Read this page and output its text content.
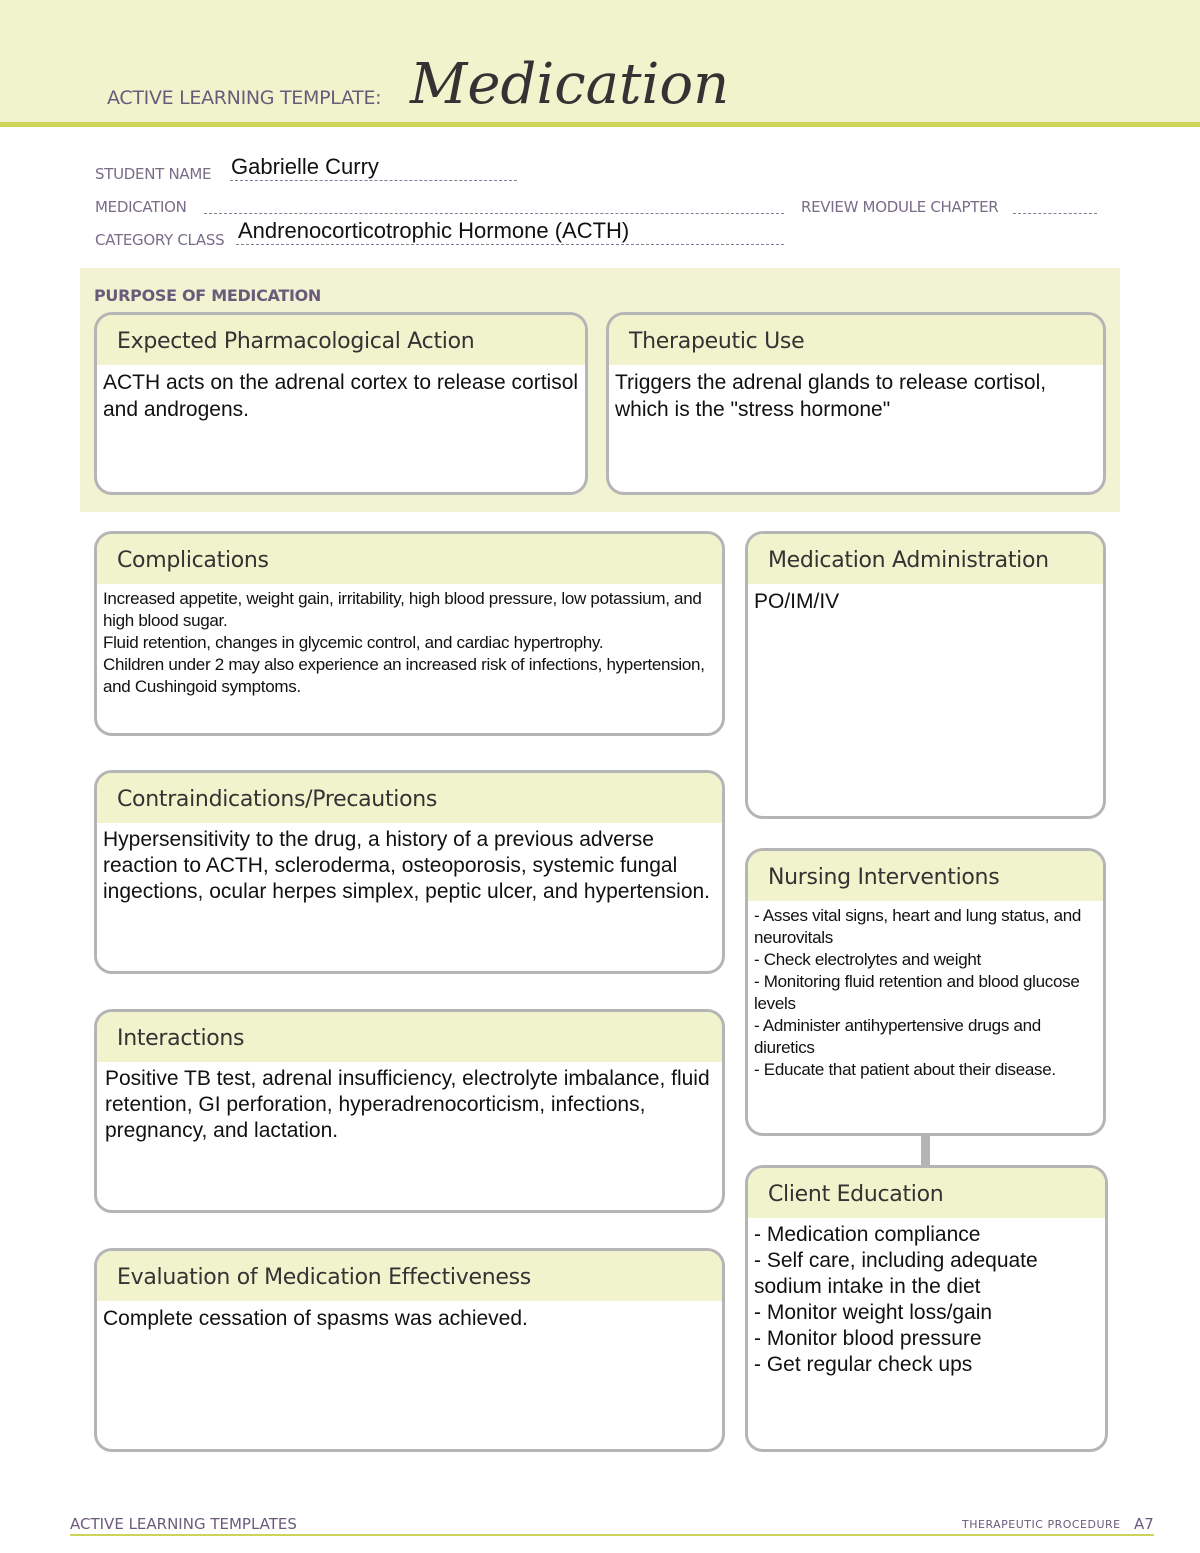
ACTIVE LEARNING TEMPLATE: Medication
STUDENT NAME Gabrielle Curry
MEDICATION	REVIEW MODULE CHAPTER
CATEGORY CLASS Andrenocorticotrophic Hormone (ACTH)
PURPOSE OF MEDICATION
Expected Pharmacological Action
ACTH acts on the adrenal cortex to release cortisol and androgens.
Therapeutic Use
Triggers the adrenal glands to release cortisol, which is the "stress hormone"
Complications
Increased appetite, weight gain, irritability, high blood pressure, low potassium, and high blood sugar.
Fluid retention, changes in glycemic control, and cardiac hypertrophy.
Children under 2 may also experience an increased risk of infections, hypertension, and Cushingoid symptoms.
Medication Administration
PO/IM/IV
Contraindications/Precautions
Hypersensitivity to the drug, a history of a previous adverse reaction to ACTH, scleroderma, osteoporosis, systemic fungal ingections, ocular herpes simplex, peptic ulcer, and hypertension.
Nursing Interventions
- Asses vital signs, heart and lung status, and neurovitals
- Check electrolytes and weight
- Monitoring fluid retention and blood glucose levels
- Administer antihypertensive drugs and diuretics
- Educate that patient about their disease.
Interactions
Positive TB test, adrenal insufficiency, electrolyte imbalance, fluid retention, GI perforation, hyperadrenocorticism, infections, pregnancy, and lactation.
Client Education
- Medication compliance
- Self care, including adequate sodium intake in the diet
- Monitor weight loss/gain
- Monitor blood pressure
- Get regular check ups
Evaluation of Medication Effectiveness
Complete cessation of spasms was achieved.
ACTIVE LEARNING TEMPLATES	THERAPEUTIC PROCEDURE A7
